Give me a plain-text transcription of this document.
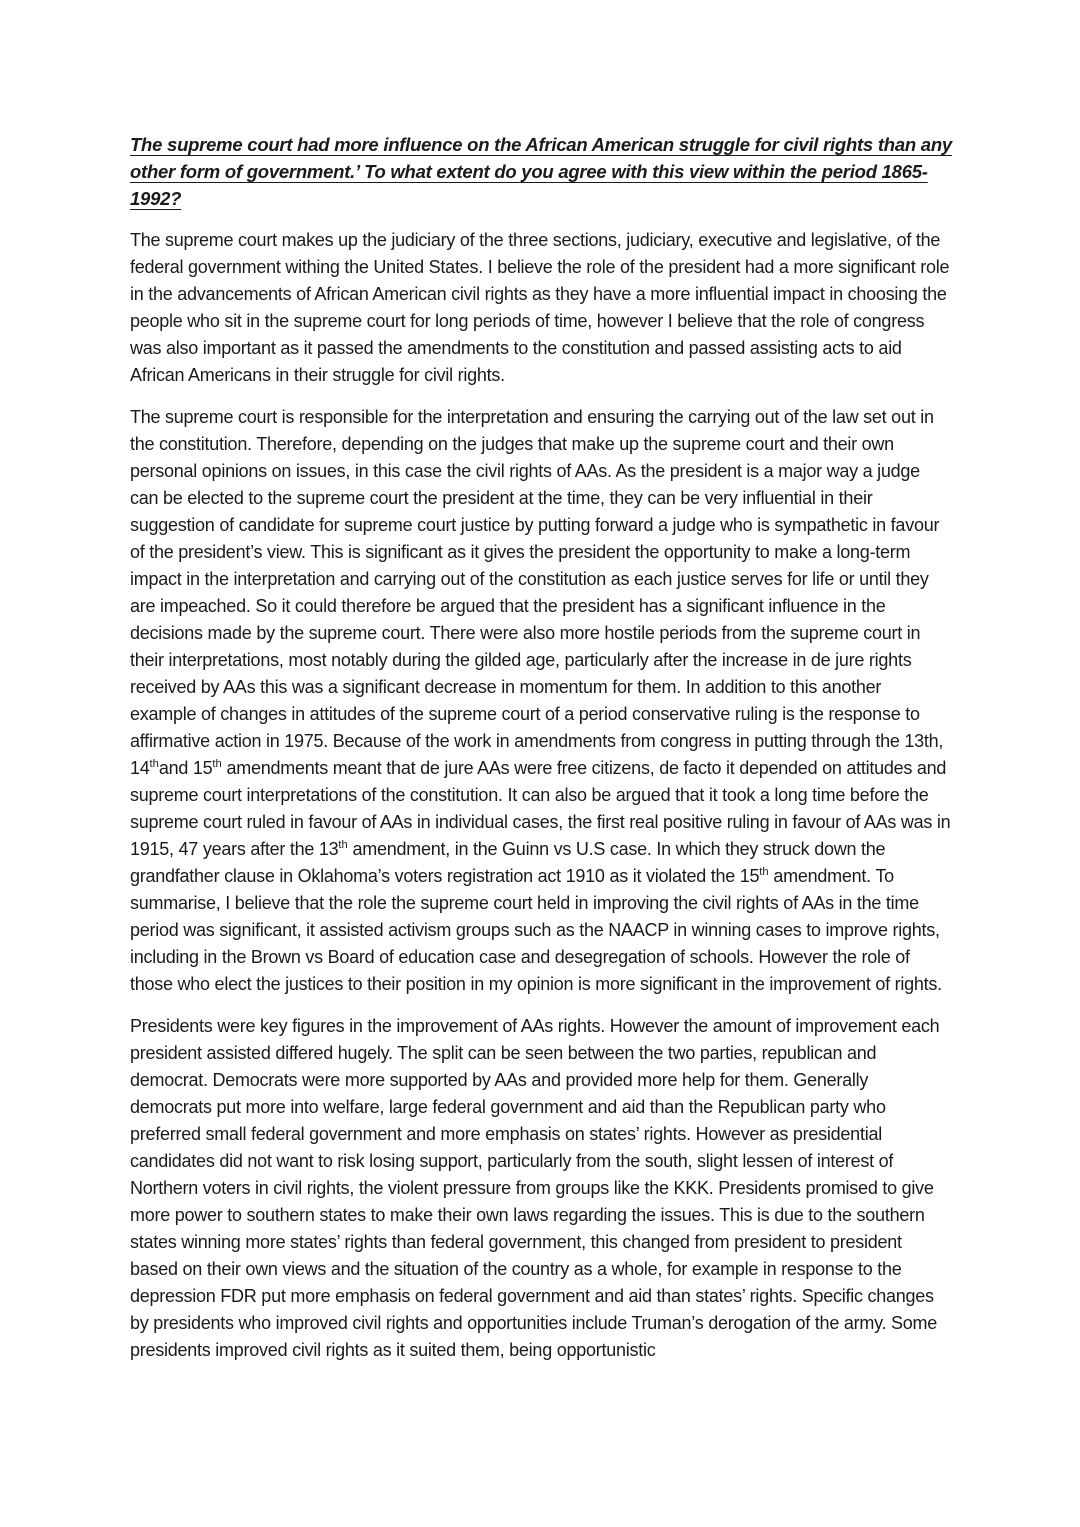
The supreme court had more influence on the African American struggle for civil rights than any other form of government.’ To what extent do you agree with this view within the period 1865-1992?

The supreme court makes up the judiciary of the three sections, judiciary, executive and legislative, of the federal government withing the United States. I believe the role of the president had a more significant role in the advancements of African American civil rights as they have a more influential impact in choosing the people who sit in the supreme court for long periods of time, however I believe that the role of congress was also important as it passed the amendments to the constitution and passed assisting acts to aid African Americans in their struggle for civil rights.

The supreme court is responsible for the interpretation and ensuring the carrying out of the law set out in the constitution. Therefore, depending on the judges that make up the supreme court and their own personal opinions on issues, in this case the civil rights of AAs. As the president is a major way a judge can be elected to the supreme court the president at the time, they can be very influential in their suggestion of candidate for supreme court justice by putting forward a judge who is sympathetic in favour of the president’s view. This is significant as it gives the president the opportunity to make a long-term impact in the interpretation and carrying out of the constitution as each justice serves for life or until they are impeached. So it could therefore be argued that the president has a significant influence in the decisions made by the supreme court. There were also more hostile periods from the supreme court in their interpretations, most notably during the gilded age, particularly after the increase in de jure rights received by AAs this was a significant decrease in momentum for them. In addition to this another example of changes in attitudes of the supreme court of a period conservative ruling is the response to affirmative action in 1975. Because of the work in amendments from congress in putting through the 13th, 14thand 15th amendments meant that de jure AAs were free citizens, de facto it depended on attitudes and supreme court interpretations of the constitution. It can also be argued that it took a long time before the supreme court ruled in favour of AAs in individual cases, the first real positive ruling in favour of AAs was in 1915, 47 years after the 13th amendment, in the Guinn vs U.S case. In which they struck down the grandfather clause in Oklahoma’s voters registration act 1910 as it violated the 15th amendment. To summarise, I believe that the role the supreme court held in improving the civil rights of AAs in the time period was significant, it assisted activism groups such as the NAACP in winning cases to improve rights, including in the Brown vs Board of education case and desegregation of schools. However the role of those who elect the justices to their position in my opinion is more significant in the improvement of rights.

Presidents were key figures in the improvement of AAs rights. However the amount of improvement each president assisted differed hugely. The split can be seen between the two parties, republican and democrat. Democrats were more supported by AAs and provided more help for them. Generally democrats put more into welfare, large federal government and aid than the Republican party who preferred small federal government and more emphasis on states’ rights. However as presidential candidates did not want to risk losing support, particularly from the south, slight lessen of interest of Northern voters in civil rights, the violent pressure from groups like the KKK. Presidents promised to give more power to southern states to make their own laws regarding the issues. This is due to the southern states winning more states’ rights than federal government, this changed from president to president based on their own views and the situation of the country as a whole, for example in response to the depression FDR put more emphasis on federal government and aid than states’ rights. Specific changes by presidents who improved civil rights and opportunities include Truman’s derogation of the army. Some presidents improved civil rights as it suited them, being opportunistic
